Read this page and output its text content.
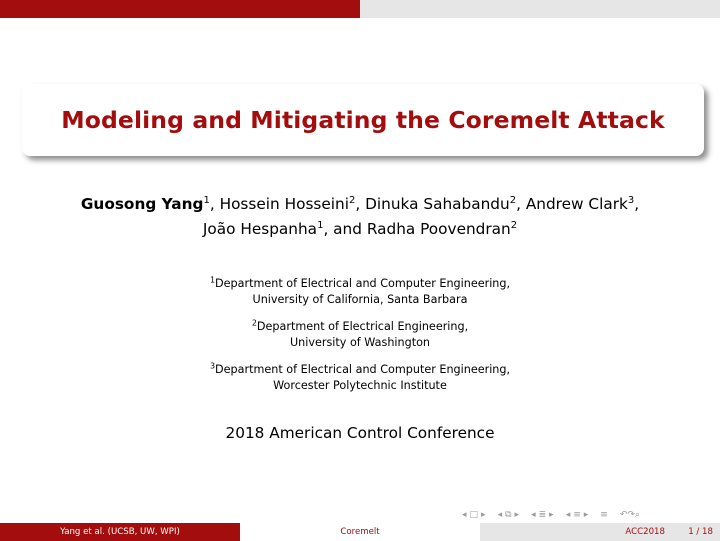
Modeling and Mitigating the Coremelt Attack
Guosong Yang$^1$, Hossein Hosseini$^2$, Dinuka Sahabandu$^2$, Andrew Clark$^3$,
João Hespanha$^1$, and Radha Poovendran$^2$
$^1$Department of Electrical and Computer Engineering,
University of California, Santa Barbara
$^2$Department of Electrical Engineering,
University of Washington
$^3$Department of Electrical and Computer Engineering,
Worcester Polytechnic Institute
2018 American Control Conference
◂ □ ▸ ◂ ⧉ ▸ ◂ ≣ ▸ ◂ ≡ ▸ ≡ ↶↷⌕
Yang et al. (UCSB, UW, WPI)	Coremelt	ACC2018	1 / 18
